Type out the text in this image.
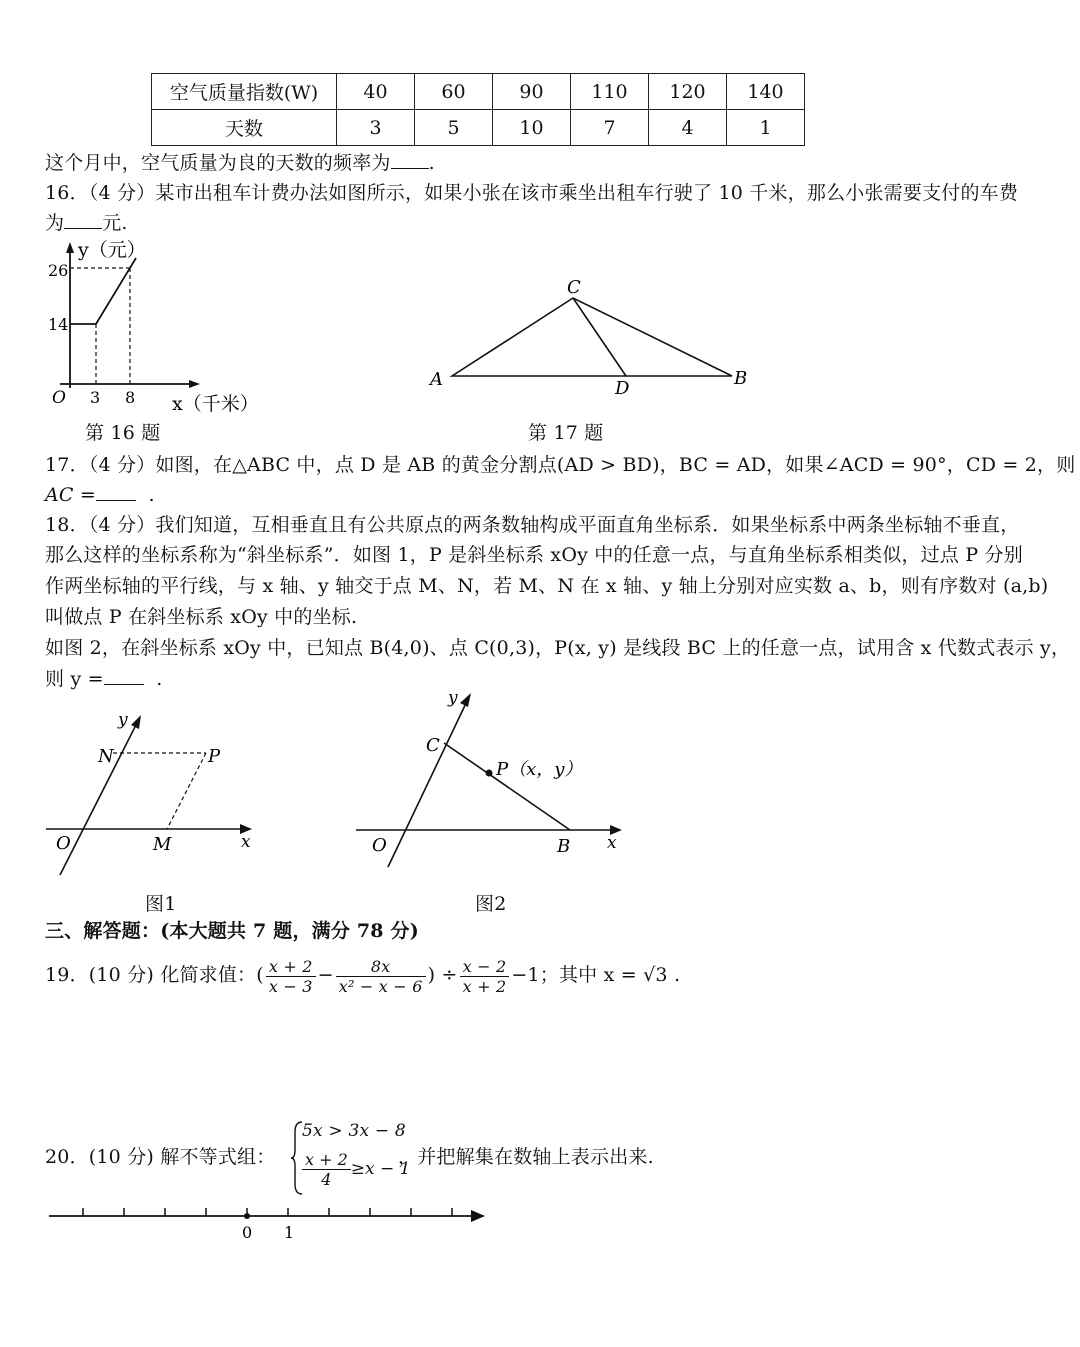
空气质量指数(W)	40	60	90	110	120	140
天数	3	5	10	7	4	1
这个月中，空气质量为良的天数的频率为 .
16．（4 分）某市出租车计费办法如图所示，如果小张在该市乘坐出租车行驶了 10 千米，那么小张需要支付的车费
为 元.
y（元）
26
14
O 3 8 x（千米）
第 16 题
C
A	B
D
第 17 题
17．（4 分）如图，在△ABC 中，点 D 是 AB 的黄金分割点(AD > BD)，BC = AD，如果∠ACD = 90°，CD = 2，则
AC =	.
18．（4 分）我们知道，互相垂直且有公共原点的两条数轴构成平面直角坐标系．如果坐标系中两条坐标轴不垂直，
那么这样的坐标系称为“斜坐标系”．如图 1，P 是斜坐标系 xOy 中的任意一点，与直角坐标系相类似，过点 P 分别
作两坐标轴的平行线，与 x 轴、y 轴交于点 M、N，若 M、N 在 x 轴、y 轴上分别对应实数 a、b，则有序数对 (a,b)
叫做点 P 在斜坐标系 xOy 中的坐标.
如图 2，在斜坐标系 xOy 中，已知点 B(4,0)、点 C(0,3)，P(x, y) 是线段 BC 上的任意一点，试用含 x 代数式表示 y，
则 y =	.
y
N	P
O	M	x
图1
y
C
P（x，y）
O	B x
图2
三、解答题：(本大题共 7 题，满分 78 分)
19．(10 分) 化简求值：( $\frac{x + 2}{x - 3} - \frac{8x}{\text{x² − x − 6}}$ ) ÷ $\frac{x - 2}{x + 2} -1$；其中 x = √3 .
20．(10 分) 解不等式组：
5x > 3x − 8
$\frac{x + 2}{4} \ge x - 1$
，并把解集在数轴上表示出来.
0 1
